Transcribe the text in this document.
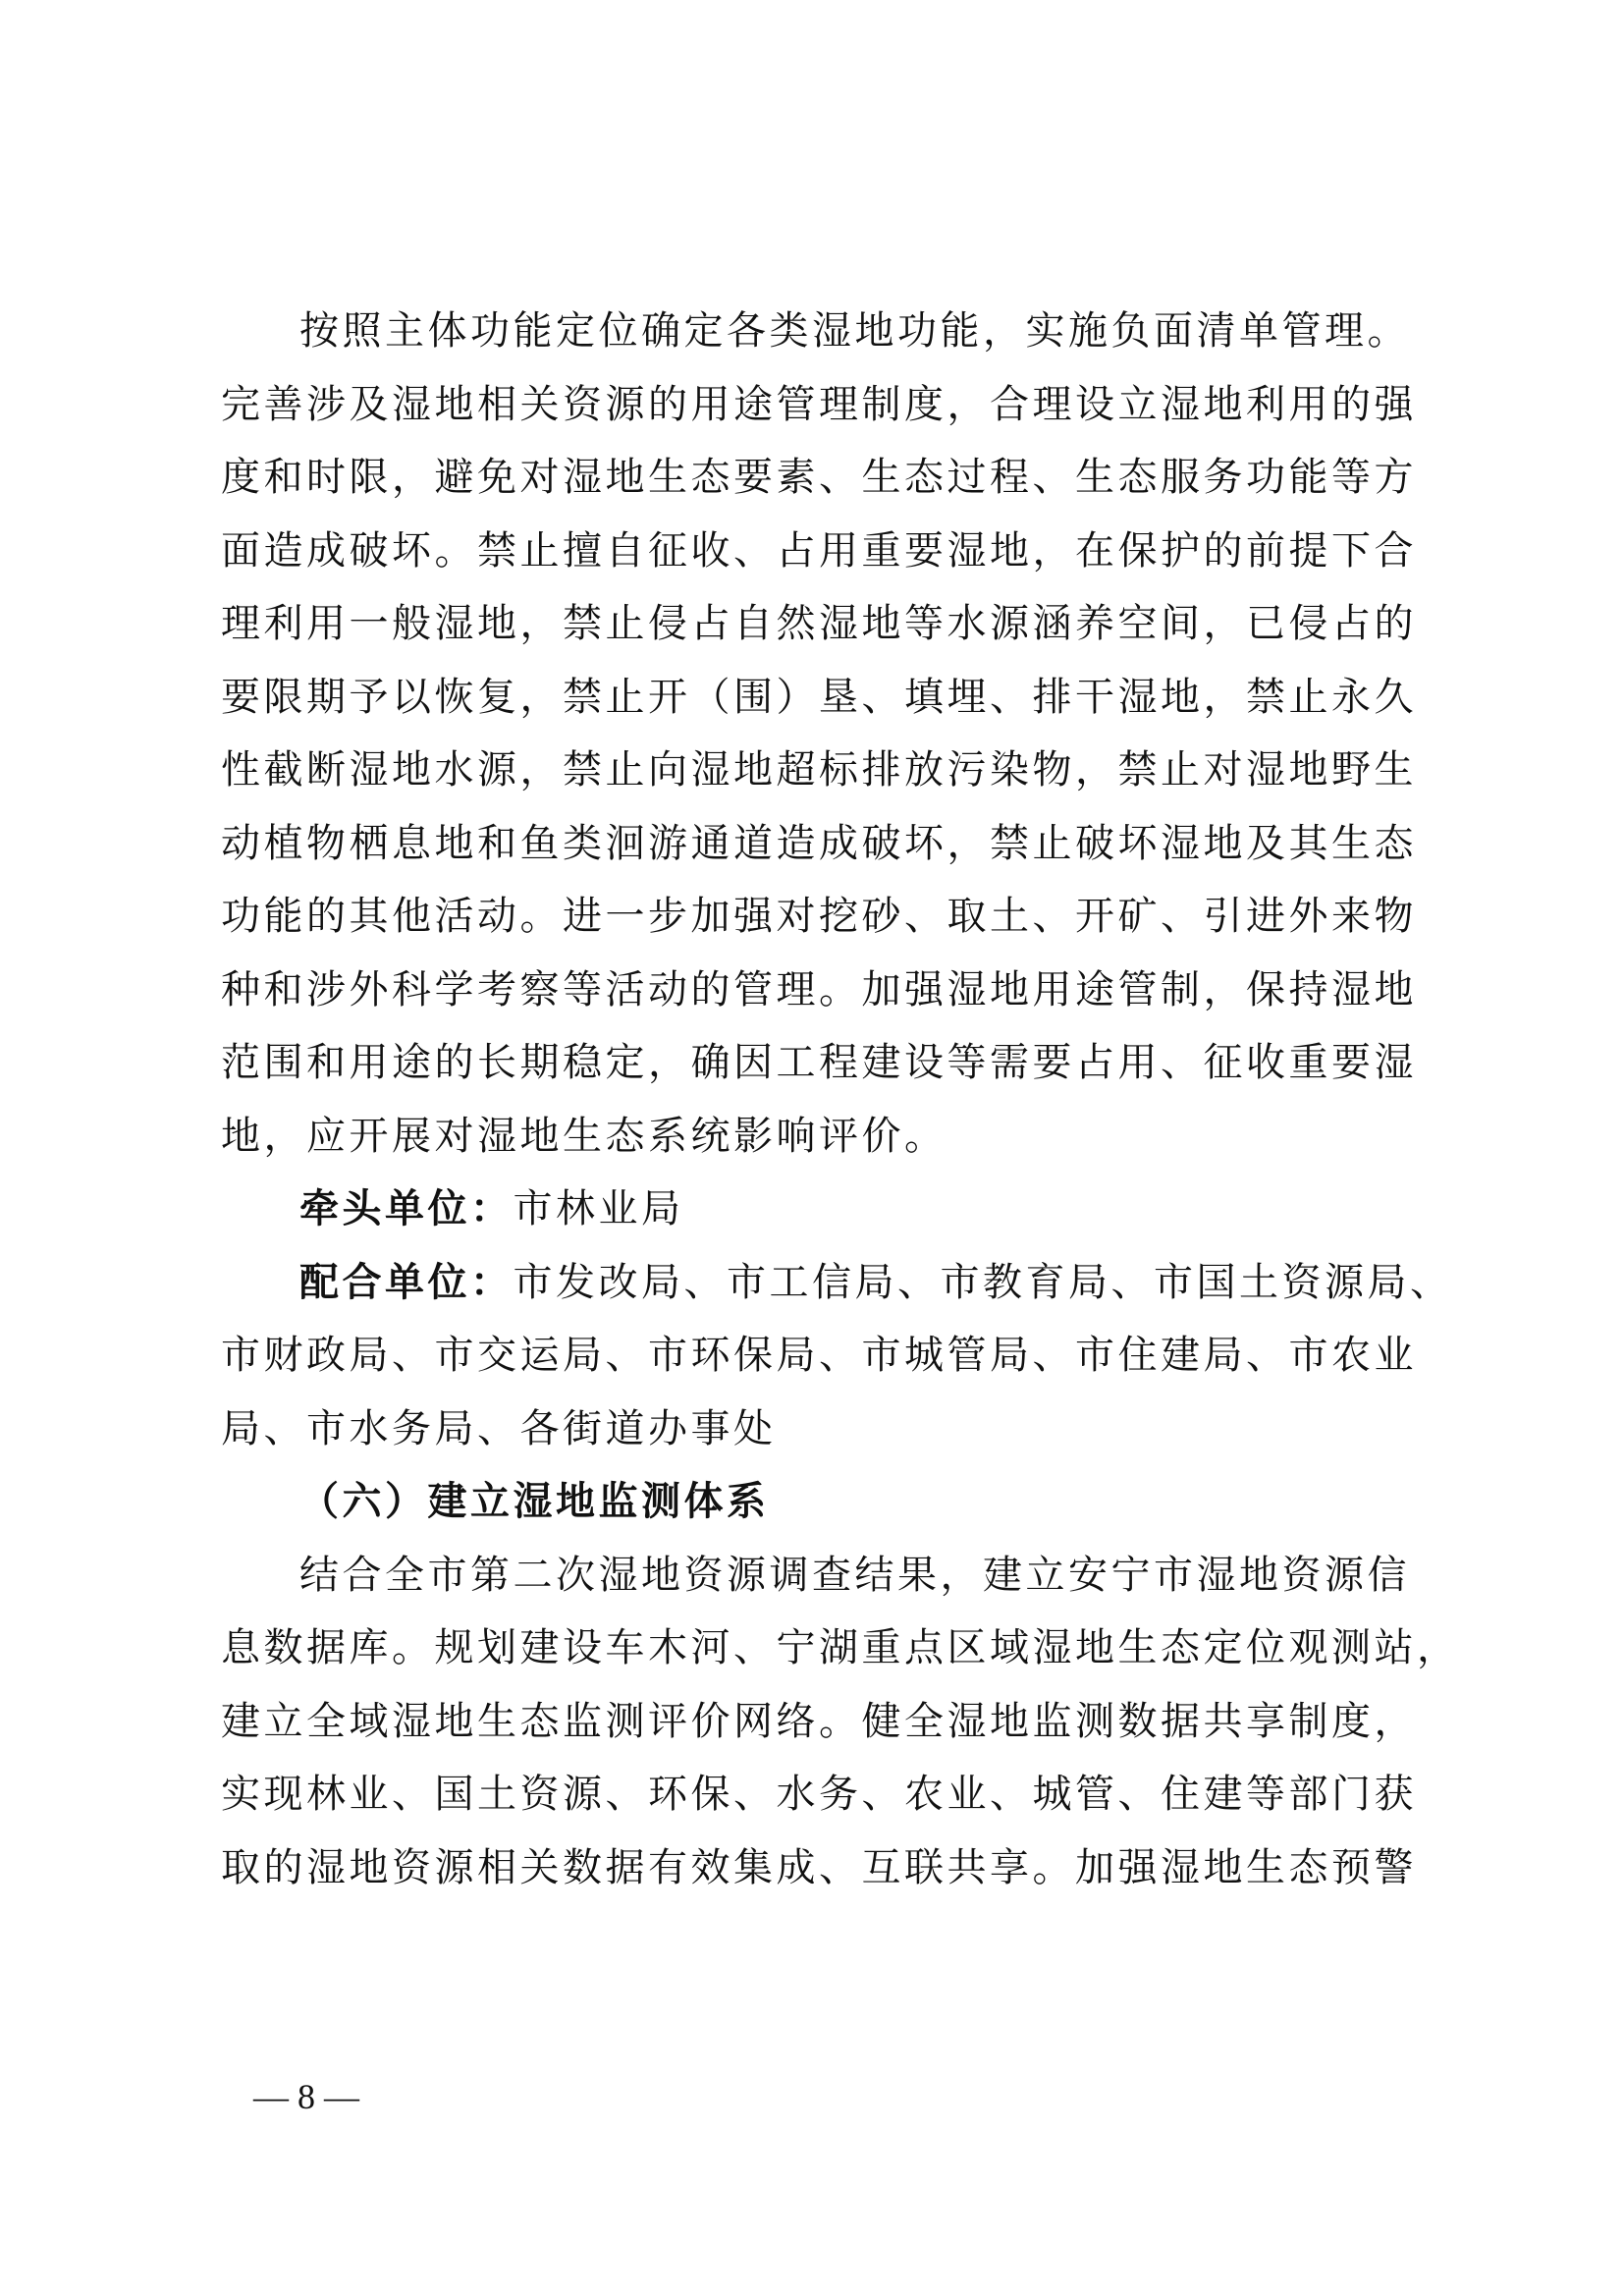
按照主体功能定位确定各类湿地功能，实施负面清单管理。
完善涉及湿地相关资源的用途管理制度，合理设立湿地利用的强
度和时限，避免对湿地生态要素、生态过程、生态服务功能等方
面造成破坏。禁止擅自征收、占用重要湿地，在保护的前提下合
理利用一般湿地，禁止侵占自然湿地等水源涵养空间，已侵占的
要限期予以恢复，禁止开（围）垦、填埋、排干湿地，禁止永久
性截断湿地水源，禁止向湿地超标排放污染物，禁止对湿地野生
动植物栖息地和鱼类洄游通道造成破坏，禁止破坏湿地及其生态
功能的其他活动。进一步加强对挖砂、取土、开矿、引进外来物
种和涉外科学考察等活动的管理。加强湿地用途管制，保持湿地
范围和用途的长期稳定，确因工程建设等需要占用、征收重要湿
地，应开展对湿地生态系统影响评价。
牵头单位：市林业局
配合单位：市发改局、市工信局、市教育局、市国土资源局、
市财政局、市交运局、市环保局、市城管局、市住建局、市农业
局、市水务局、各街道办事处
（六）建立湿地监测体系
结合全市第二次湿地资源调查结果，建立安宁市湿地资源信
息数据库。规划建设车木河、宁湖重点区域湿地生态定位观测站，
建立全域湿地生态监测评价网络。健全湿地监测数据共享制度，
实现林业、国土资源、环保、水务、农业、城管、住建等部门获
取的湿地资源相关数据有效集成、互联共享。加强湿地生态预警
— 8 —
